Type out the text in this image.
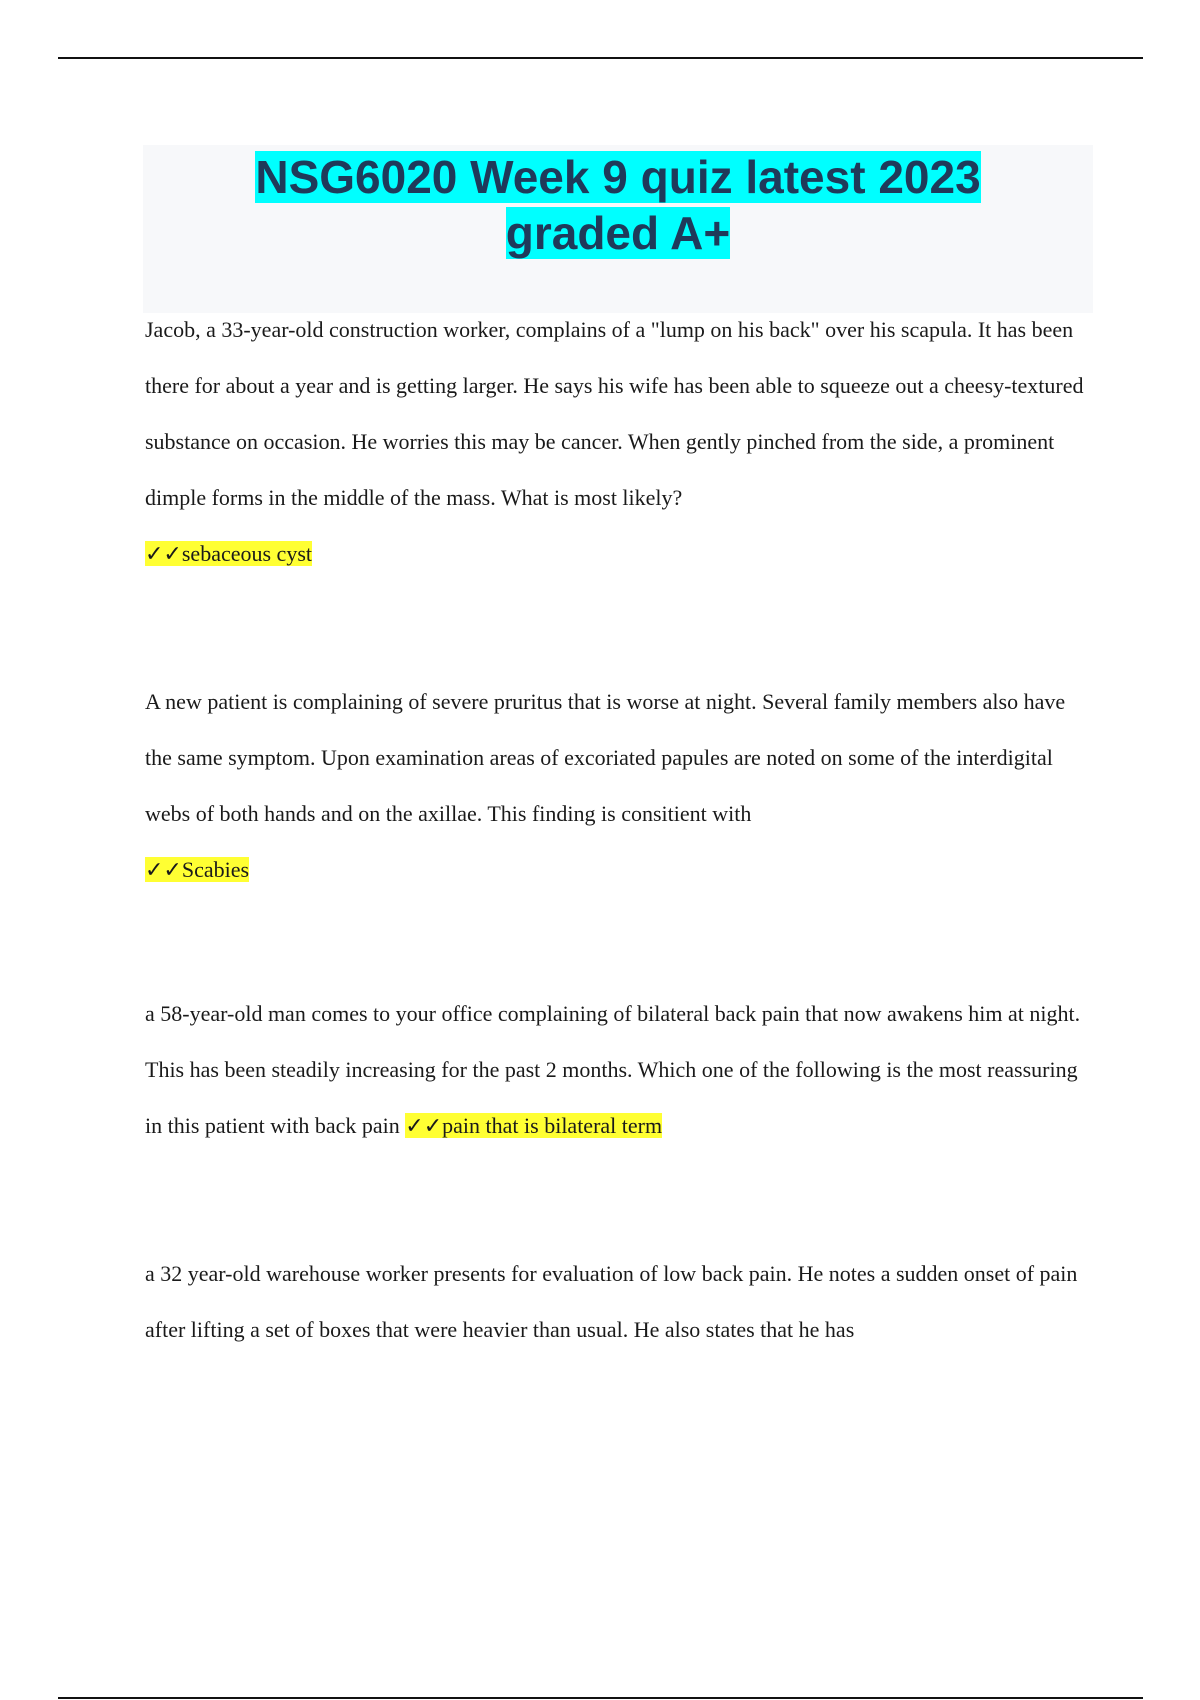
NSG6020 Week 9 quiz latest 2023
graded A+

Jacob, a 33-year-old construction worker, complains of a "lump on his back" over his scapula. It has been there for about a year and is getting larger. He says his wife has been able to squeeze out a cheesy-textured substance on occasion. He worries this may be cancer. When gently pinched from the side, a prominent dimple forms in the middle of the mass. What is most likely?

✓✓sebaceous cyst

A new patient is complaining of severe pruritus that is worse at night. Several family members also have the same symptom. Upon examination areas of excoriated papules are noted on some of the interdigital webs of both hands and on the axillae. This finding is consitient with

✓✓Scabies

a 58-year-old man comes to your office complaining of bilateral back pain that now awakens him at night. This has been steadily increasing for the past 2 months. Which one of the following is the most reassuring in this patient with back pain ✓✓pain that is bilateral term

a 32 year-old warehouse worker presents for evaluation of low back pain. He notes a sudden onset of pain after lifting a set of boxes that were heavier than usual. He also states that he has
